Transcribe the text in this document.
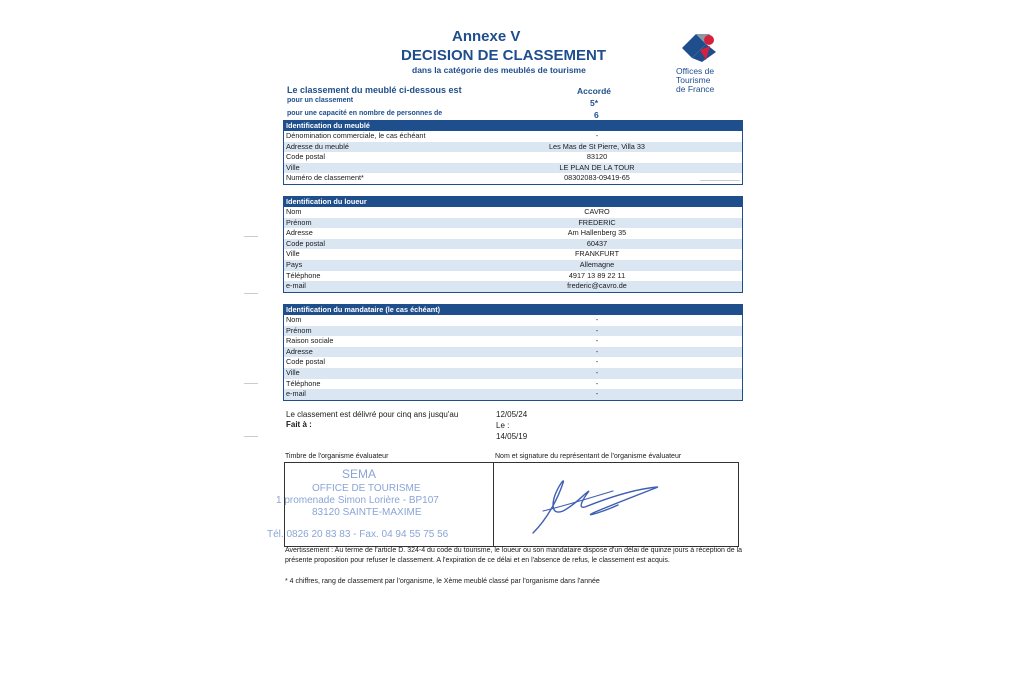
Annexe V
DECISION DE CLASSEMENT
dans la catégorie des meublés de tourisme	Offices de
Tourisme
de France
Le classement du meublé ci-dessous est
pour un classement
pour une capacité en nombre de personnes de
Accordé
5*
6
Identification du meublé
Dénomination commerciale, le cas échéant	-
Adresse du meublé	Les Mas de St Pierre, Villa 33
Code postal	83120
Ville	LE PLAN DE LA TOUR
Numéro de classement*	08302083-09419-65
Identification du loueur
Nom	CAVRO
Prénom	FREDERIC
Adresse	Am Hallenberg 35
Code postal	60437
Ville	FRANKFURT
Pays	Allemagne
Téléphone	4917 13 89 22 11
e-mail	frederic@cavro.de
Identification du mandataire (le cas échéant)
Nom	-
Prénom	-
Raison sociale	-
Adresse	-
Code postal	-
Ville	-
Téléphone	-
e-mail	-
Le classement est délivré pour cinq ans jusqu'au	12/05/24
Fait à :	Le :
14/05/19
Timbre de l'organisme évaluateur	Nom et signature du représentant de l'organisme évaluateur
SEMA
OFFICE DE TOURISME
1 promenade Simon Lorière - BP107
83120 SAINTE-MAXIME
Tél. 0826 20 83 83 - Fax. 04 94 55 75 56
Avertissement : Au terme de l'article D. 324-4 du code du tourisme, le loueur ou son mandataire dispose d'un délai de quinze jours à réception de la présente proposition pour refuser le classement. A l'expiration de ce délai et en l'absence de refus, le classement est acquis.
* 4 chiffres, rang de classement par l'organisme, le Xème meublé classé par l'organisme dans l'année
